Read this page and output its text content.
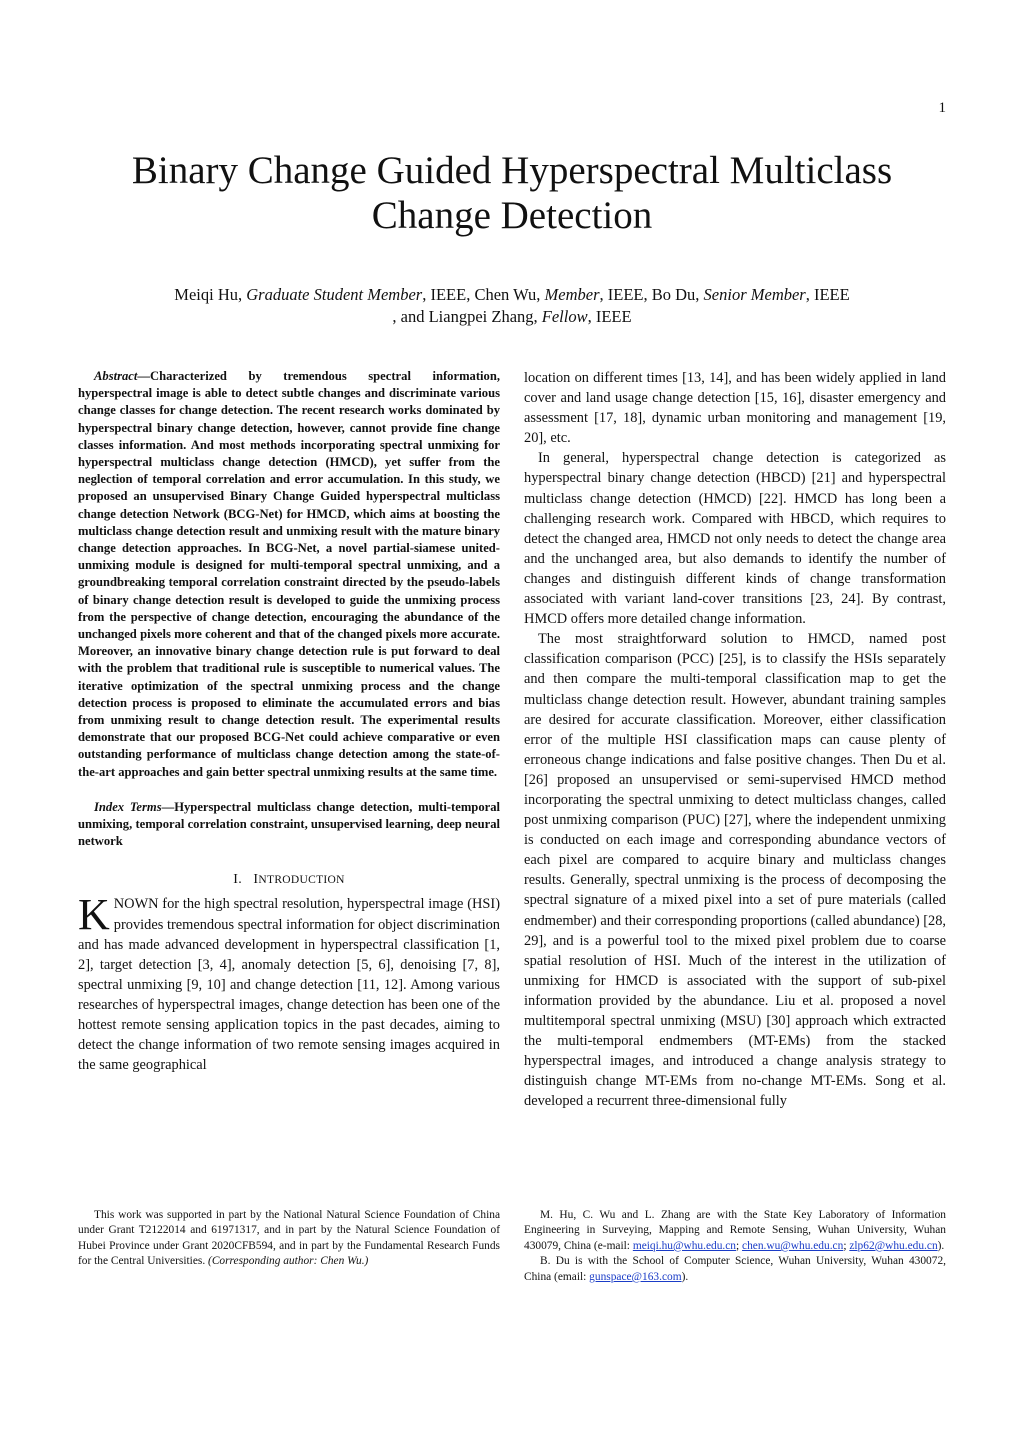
1
Binary Change Guided Hyperspectral Multiclass Change Detection
Meiqi Hu, Graduate Student Member, IEEE, Chen Wu, Member, IEEE, Bo Du, Senior Member, IEEE
, and Liangpei Zhang, Fellow, IEEE

Abstract—Characterized by tremendous spectral information, hyperspectral image is able to detect subtle changes and discriminate various change classes for change detection. The recent research works dominated by hyperspectral binary change detection, however, cannot provide fine change classes information. And most methods incorporating spectral unmixing for hyperspectral multiclass change detection (HMCD), yet suffer from the neglection of temporal correlation and error accumulation. In this study, we proposed an unsupervised Binary Change Guided hyperspectral multiclass change detection Network (BCG-Net) for HMCD, which aims at boosting the multiclass change detection result and unmixing result with the mature binary change detection approaches. In BCG-Net, a novel partial-siamese united-unmixing module is designed for multi-temporal spectral unmixing, and a groundbreaking temporal correlation constraint directed by the pseudo-labels of binary change detection result is developed to guide the unmixing process from the perspective of change detection, encouraging the abundance of the unchanged pixels more coherent and that of the changed pixels more accurate. Moreover, an innovative binary change detection rule is put forward to deal with the problem that traditional rule is susceptible to numerical values. The iterative optimization of the spectral unmixing process and the change detection process is proposed to eliminate the accumulated errors and bias from unmixing result to change detection result. The experimental results demonstrate that our proposed BCG-Net could achieve comparative or even outstanding performance of multiclass change detection among the state-of-the-art approaches and gain better spectral unmixing results at the same time.

Index Terms—Hyperspectral multiclass change detection, multi-temporal unmixing, temporal correlation constraint, unsupervised learning, deep neural network

I. INTRODUCTION

KNOWN for the high spectral resolution, hyperspectral image (HSI) provides tremendous spectral information for object discrimination and has made advanced development in hyperspectral classification [1, 2], target detection [3, 4], anomaly detection [5, 6], denoising [7, 8], spectral unmixing [9, 10] and change detection [11, 12]. Among various researches of hyperspectral images, change detection has been one of the hottest remote sensing application topics in the past decades, aiming to detect the change information of two remote sensing images acquired in the same geographical

location on different times [13, 14], and has been widely applied in land cover and land usage change detection [15, 16], disaster emergency and assessment [17, 18], dynamic urban monitoring and management [19, 20], etc.

In general, hyperspectral change detection is categorized as hyperspectral binary change detection (HBCD) [21] and hyperspectral multiclass change detection (HMCD) [22]. HMCD has long been a challenging research work. Compared with HBCD, which requires to detect the changed area, HMCD not only needs to detect the change area and the unchanged area, but also demands to identify the number of changes and distinguish different kinds of change transformation associated with variant land-cover transitions [23, 24]. By contrast, HMCD offers more detailed change information.

The most straightforward solution to HMCD, named post classification comparison (PCC) [25], is to classify the HSIs separately and then compare the multi-temporal classification map to get the multiclass change detection result. However, abundant training samples are desired for accurate classification. Moreover, either classification error of the multiple HSI classification maps can cause plenty of erroneous change indications and false positive changes. Then Du et al.[26] proposed an unsupervised or semi-supervised HMCD method incorporating the spectral unmixing to detect multiclass changes, called post unmixing comparison (PUC) [27], where the independent unmixing is conducted on each image and corresponding abundance vectors of each pixel are compared to acquire binary and multiclass changes results. Generally, spectral unmixing is the process of decomposing the spectral signature of a mixed pixel into a set of pure materials (called endmember) and their corresponding proportions (called abundance) [28, 29], and is a powerful tool to the mixed pixel problem due to coarse spatial resolution of HSI. Much of the interest in the utilization of unmixing for HMCD is associated with the support of sub-pixel information provided by the abundance. Liu et al. proposed a novel multitemporal spectral unmixing (MSU) [30] approach which extracted the multi-temporal endmembers (MT-EMs) from the stacked hyperspectral images, and introduced a change analysis strategy to distinguish change MT-EMs from no-change MT-EMs. Song et al. developed a recurrent three-dimensional fully

This work was supported in part by the National Natural Science Foundation of China under Grant T2122014 and 61971317, and in part by the Natural Science Foundation of Hubei Province under Grant 2020CFB594, and in part by the Fundamental Research Funds for the Central Universities. (Corresponding author: Chen Wu.)

M. Hu, C. Wu and L. Zhang are with the State Key Laboratory of Information Engineering in Surveying, Mapping and Remote Sensing, Wuhan University, Wuhan 430079, China (e-mail: meiqi.hu@whu.edu.cn; chen.wu@whu.edu.cn; zlp62@whu.edu.cn).

B. Du is with the School of Computer Science, Wuhan University, Wuhan 430072, China (email: gunspace@163.com).
